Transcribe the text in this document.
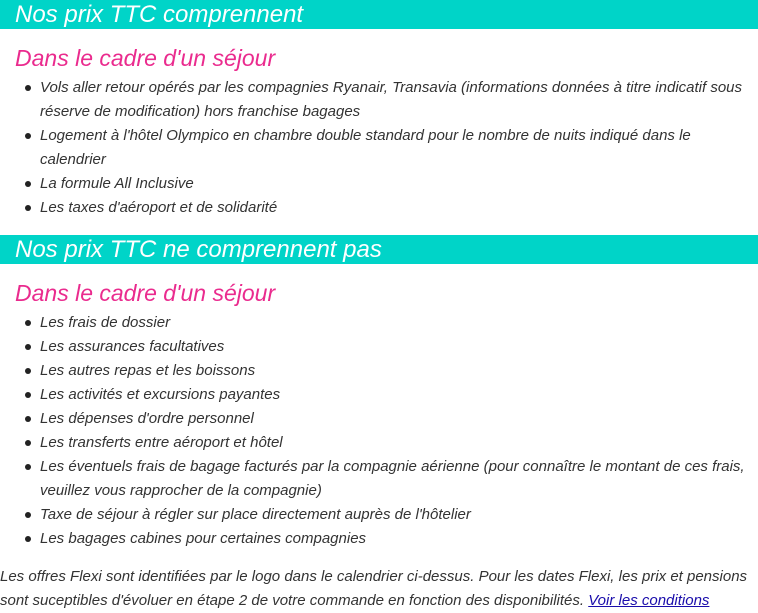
Nos prix TTC comprennent
Dans le cadre d'un séjour
Vols aller retour opérés par les compagnies Ryanair, Transavia (informations données à titre indicatif sous réserve de modification) hors franchise bagages
Logement à l'hôtel Olympico en chambre double standard pour le nombre de nuits indiqué dans le calendrier
La formule All Inclusive
Les taxes d'aéroport et de solidarité
Nos prix TTC ne comprennent pas
Dans le cadre d'un séjour
Les frais de dossier
Les assurances facultatives
Les autres repas et les boissons
Les activités et excursions payantes
Les dépenses d'ordre personnel
Les transferts entre aéroport et hôtel
Les éventuels frais de bagage facturés par la compagnie aérienne (pour connaître le montant de ces frais, veuillez vous rapprocher de la compagnie)
Taxe de séjour à régler sur place directement auprès de l'hôtelier
Les bagages cabines pour certaines compagnies
Les offres Flexi sont identifiées par le logo dans le calendrier ci-dessus. Pour les dates Flexi, les prix et pensions sont suceptibles d'évoluer en étape 2 de votre commande en fonction des disponibilités. Voir les conditions
